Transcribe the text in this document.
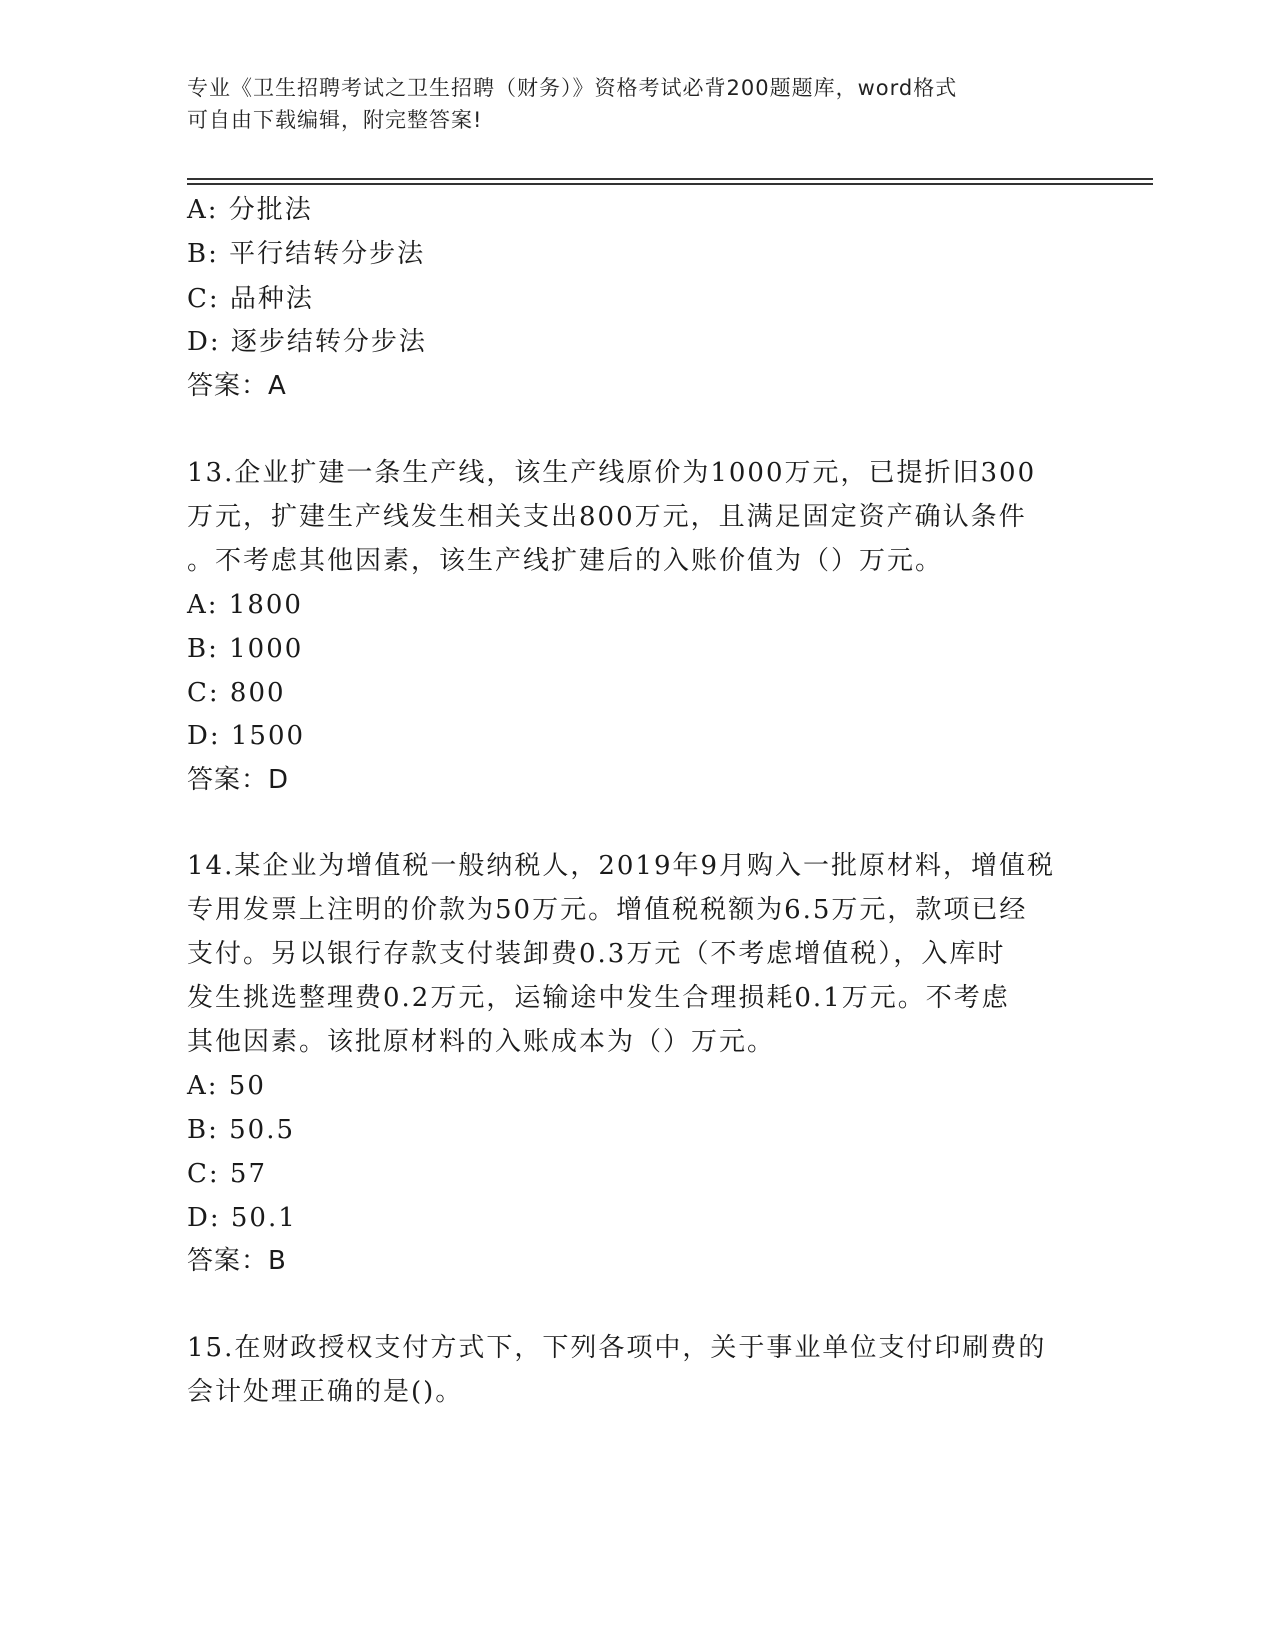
专业《卫生招聘考试之卫生招聘（财务）》资格考试必背200题题库，word格式
可自由下载编辑，附完整答案!
A: 分批法
B: 平行结转分步法
C: 品种法
D: 逐步结转分步法
答案：A
13.企业扩建一条生产线，该生产线原价为1000万元，已提折旧300
万元，扩建生产线发生相关支出800万元，且满足固定资产确认条件
。不考虑其他因素，该生产线扩建后的入账价值为（）万元。
A: 1800
B: 1000
C: 800
D: 1500
答案：D
14.某企业为增值税一般纳税人，2019年9月购入一批原材料，增值税
专用发票上注明的价款为50万元。增值税税额为6.5万元，款项已经
支付。另以银行存款支付装卸费0.3万元（不考虑增值税），入库时
发生挑选整理费0.2万元，运输途中发生合理损耗0.1万元。不考虑
其他因素。该批原材料的入账成本为（）万元。
A: 50
B: 50.5
C: 57
D: 50.1
答案：B
15.在财政授权支付方式下，下列各项中，关于事业单位支付印刷费的
会计处理正确的是()。
